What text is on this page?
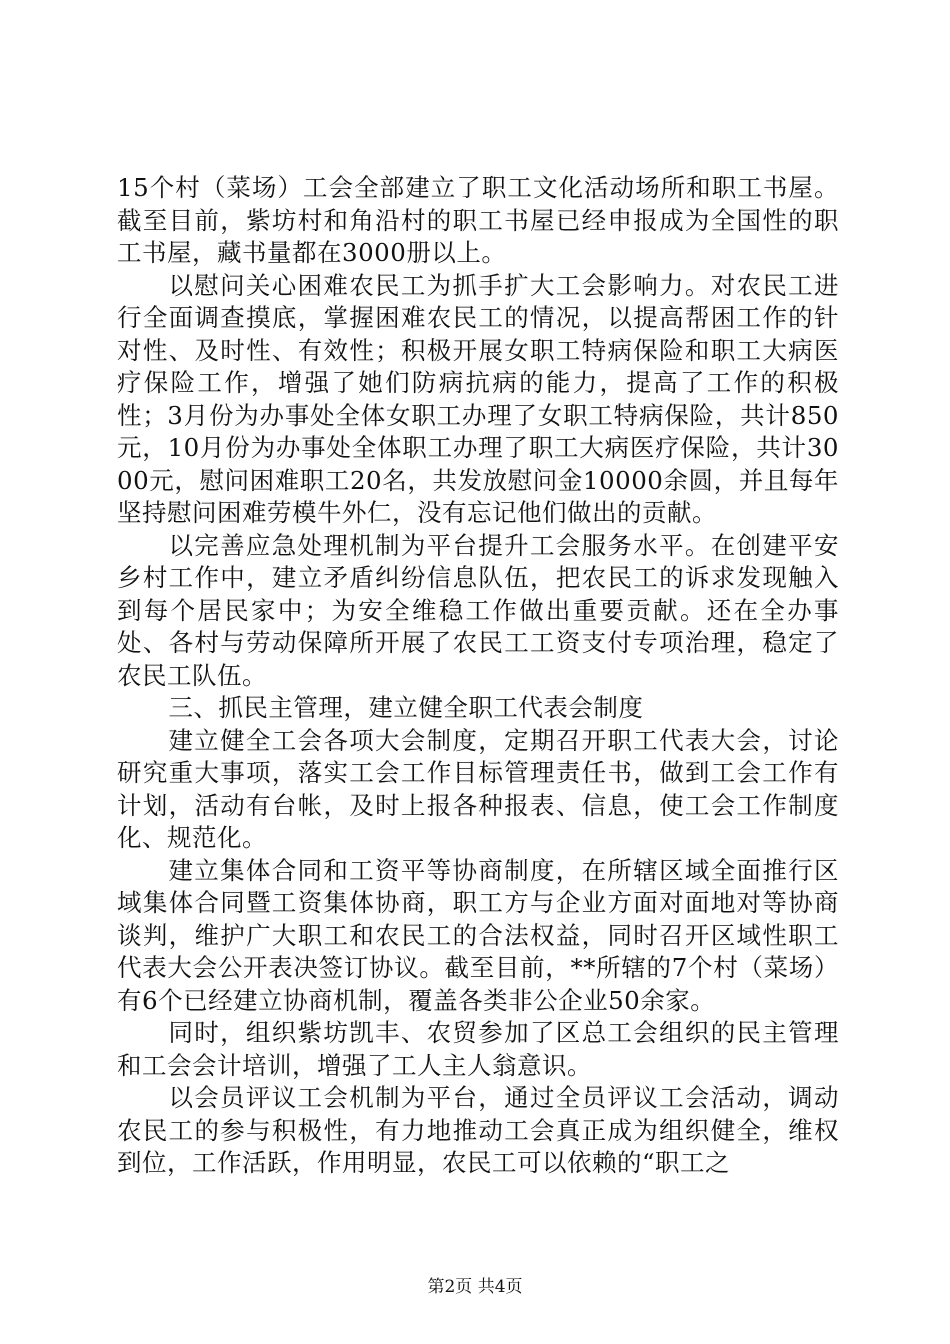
15个村（菜场）工会全部建立了职工文化活动场所和职工书屋。截至目前，紫坊村和角沿村的职工书屋已经申报成为全国性的职工书屋，藏书量都在3000册以上。

以慰问关心困难农民工为抓手扩大工会影响力。对农民工进行全面调查摸底，掌握困难农民工的情况，以提高帮困工作的针对性、及时性、有效性；积极开展女职工特病保险和职工大病医疗保险工作，增强了她们防病抗病的能力，提高了工作的积极性；3月份为办事处全体女职工办理了女职工特病保险，共计850元，10月份为办事处全体职工办理了职工大病医疗保险，共计3000元，慰问困难职工20名，共发放慰问金10000余圆，并且每年坚持慰问困难劳模牛外仁，没有忘记他们做出的贡献。

以完善应急处理机制为平台提升工会服务水平。在创建平安乡村工作中，建立矛盾纠纷信息队伍，把农民工的诉求发现触入到每个居民家中；为安全维稳工作做出重要贡献。还在全办事处、各村与劳动保障所开展了农民工工资支付专项治理，稳定了农民工队伍。

三、抓民主管理，建立健全职工代表会制度

建立健全工会各项大会制度，定期召开职工代表大会，讨论研究重大事项，落实工会工作目标管理责任书，做到工会工作有计划，活动有台帐，及时上报各种报表、信息，使工会工作制度化、规范化。

建立集体合同和工资平等协商制度，在所辖区域全面推行区域集体合同暨工资集体协商，职工方与企业方面对面地对等协商谈判，维护广大职工和农民工的合法权益，同时召开区域性职工代表大会公开表决签订协议。截至目前，**所辖的7个村（菜场）有6个已经建立协商机制，覆盖各类非公企业50余家。

同时，组织紫坊凯丰、农贸参加了区总工会组织的民主管理和工会会计培训，增强了工人主人翁意识。

以会员评议工会机制为平台，通过全员评议工会活动，调动农民工的参与积极性，有力地推动工会真正成为组织健全，维权到位，工作活跃，作用明显，农民工可以依赖的“职工之

第2页 共4页
